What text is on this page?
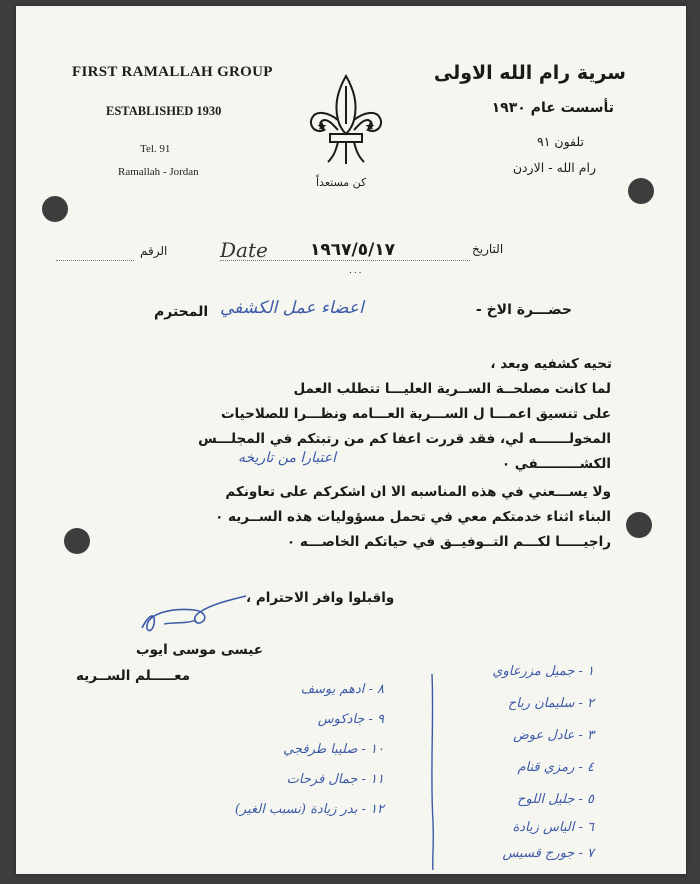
FIRST RAMALLAH GROUP
ESTABLISHED 1930
Tel. 91
Ramallah - Jordan
كن مستعداً
سرية رام الله الاولى
تأسست عام ١٩٣٠
تلفون ٩١
رام الله - الاردن
الرقم	Date ١٩٦٧/٥/١٧	التاريخ
٠٠٠
حضـــرة الاخ -
اعضاء عمل الكشفي
المحترم
تحيه كشفيه وبعد ،
لما كانت مصلحــة الســرية العليـــا تتطلب العمل
على تنسيق اعمـــا ل الســـرية العـــامه ونظـــرا للصلاحيات
المخولـــــــه لي، فقد قررت اعفا كم من رتبتكم في المجلـــس
الكشـــــــــفي ٠
اعتبارا من تاريخه
ولا يســـعني في هذه المناسبه الا ان اشكركم على تعاونكم
البناء اثناء خدمتكم معي في تحمل مسؤوليات هذه الســريه ٠
راجيـــــا لكـــم التــوفيــق في حياتكم الخاصـــه ٠
واقبلوا وافر الاحترام ،
عيسى موسى ايوب
معـــــلم الســريه	١ - جميل مزرعاوي
٢ - سليمان رباح
٣ - عادل عوض
٤ - رمزي قنام
٥ - جليل اللوح
٦ - الياس زيادة
٧ - جورج قسيس
٨ - ادهم يوسف
٩ - جادكوس
١٠ - صليبا طرفجي
١١ - جمال فرحات
١٢ - بدر زيادة (نسبب الغير)
